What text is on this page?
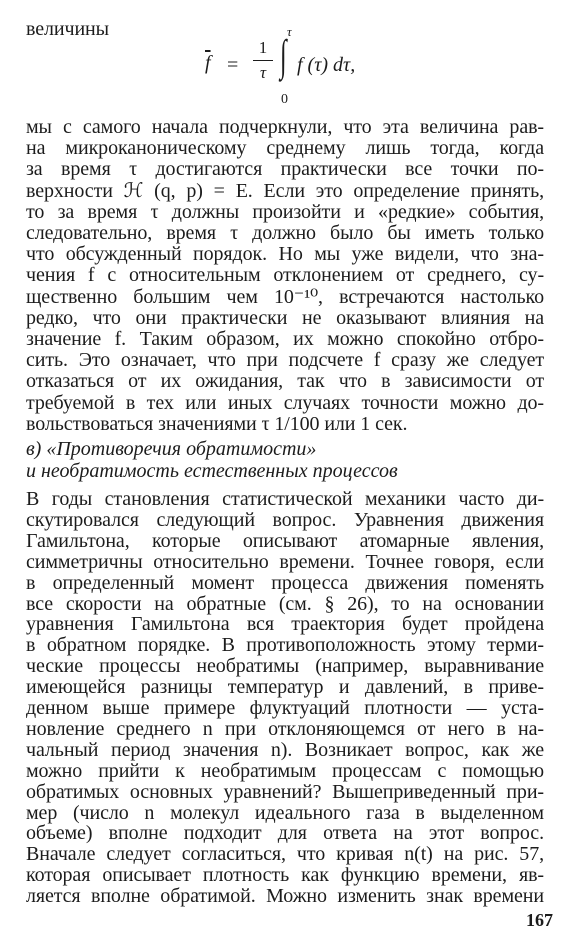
величины
$\overline{f}$ =
1
τ ∫ τ
0
f (τ) dτ,
мы с самого начала подчеркнули, что эта величина рав-
на микроканоническому среднему лишь тогда, когда
за время τ достигаются практически все точки по-
верхности ℋ (q, p) = E. Если это определение принять,
то за время τ должны произойти и «редкие» события,
следовательно, время τ должно было бы иметь только
что обсужденный порядок. Но мы уже видели, что зна-
чения f с относительным отклонением от среднего, су-
щественно большим чем 10⁻¹⁰, встречаются настолько
редко, что они практически не оказывают влияния на
значение f. Таким образом, их можно спокойно отбро-
сить. Это означает, что при подсчете f сразу же следует
отказаться от их ожидания, так что в зависимости от
требуемой в тех или иных случаях точности можно до-
вольствоваться значениями τ 1/100 или 1 сек.
в) «Противоречия обратимости»
и необратимость естественных процессов
В годы становления статистической механики часто ди-
скутировался следующий вопрос. Уравнения движения
Гамильтона, которые описывают атомарные явления,
симметричны относительно времени. Точнее говоря, если
в определенный момент процесса движения поменять
все скорости на обратные (см. § 26), то на основании
уравнения Гамильтона вся траектория будет пройдена
в обратном порядке. В противоположность этому терми-
ческие процессы необратимы (например, выравнивание
имеющейся разницы температур и давлений, в приве-
денном выше примере флуктуаций плотности — уста-
новление среднего n при отклоняющемся от него в на-
чальный период значения n). Возникает вопрос, как же
можно прийти к необратимым процессам с помощью
обратимых основных уравнений? Вышеприведенный при-
мер (число n молекул идеального газа в выделенном
объеме) вполне подходит для ответа на этот вопрос.
Вначале следует согласиться, что кривая n(t) на рис. 57,
которая описывает плотность как функцию времени, яв-
ляется вполне обратимой. Можно изменить знак времени
167
